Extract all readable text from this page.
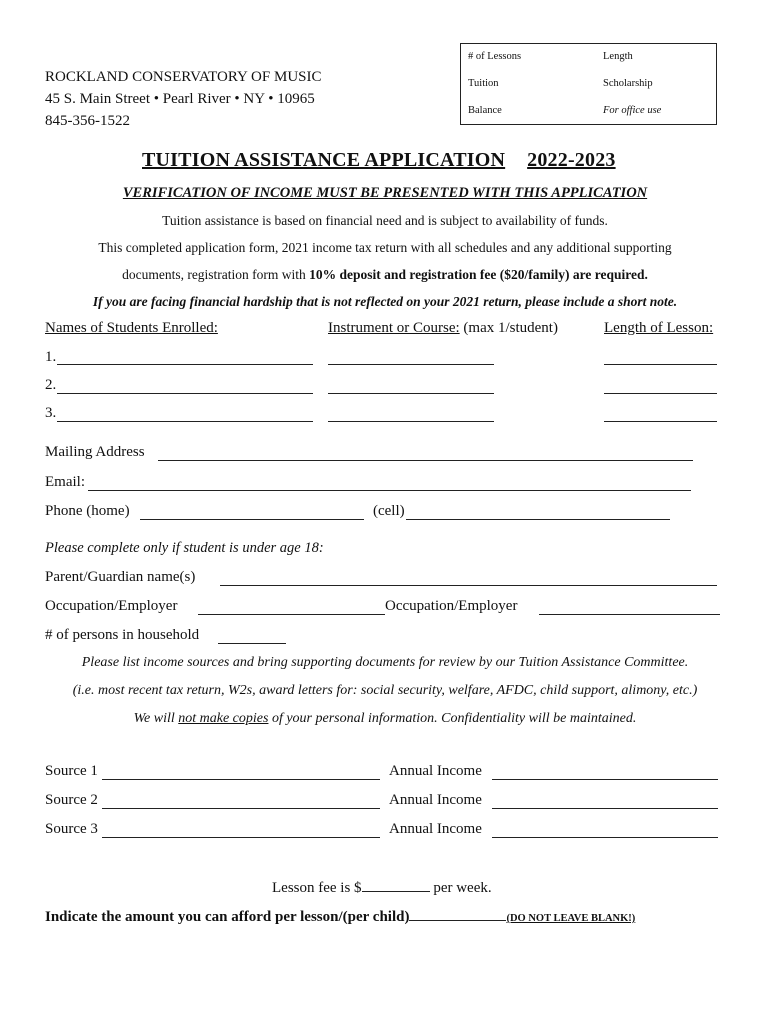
# of Lessons	Length
Tuition	Scholarship
Balance	For office use
ROCKLAND CONSERVATORY OF MUSIC
45 S. Main Street • Pearl River • NY • 10965
845-356-1522
TUITION ASSISTANCE APPLICATION 2022-2023
VERIFICATION OF INCOME MUST BE PRESENTED WITH THIS APPLICATION
Tuition assistance is based on financial need and is subject to availability of funds.
This completed application form, 2021 income tax return with all schedules and any additional supporting
documents, registration form with 10% deposit and registration fee ($20/family) are required.
If you are facing financial hardship that is not reflected on your 2021 return, please include a short note.
Names of Students Enrolled:	Instrument or Course: (max 1/student)	Length of Lesson:
1.
2.
3.
Mailing Address
Email:
Phone (home)	(cell)
Please complete only if student is under age 18:
Parent/Guardian name(s)
Occupation/Employer	Occupation/Employer
# of persons in household
Please list income sources and bring supporting documents for review by our Tuition Assistance Committee.
(i.e. most recent tax return, W2s, award letters for: social security, welfare, AFDC, child support, alimony, etc.)
We will not make copies of your personal information. Confidentiality will be maintained.
Source 1	Annual Income
Source 2	Annual Income
Source 3	Annual Income
Lesson fee is $	per week.
Indicate the amount you can afford per lesson/(per child)	(DO NOT LEAVE BLANK!)
